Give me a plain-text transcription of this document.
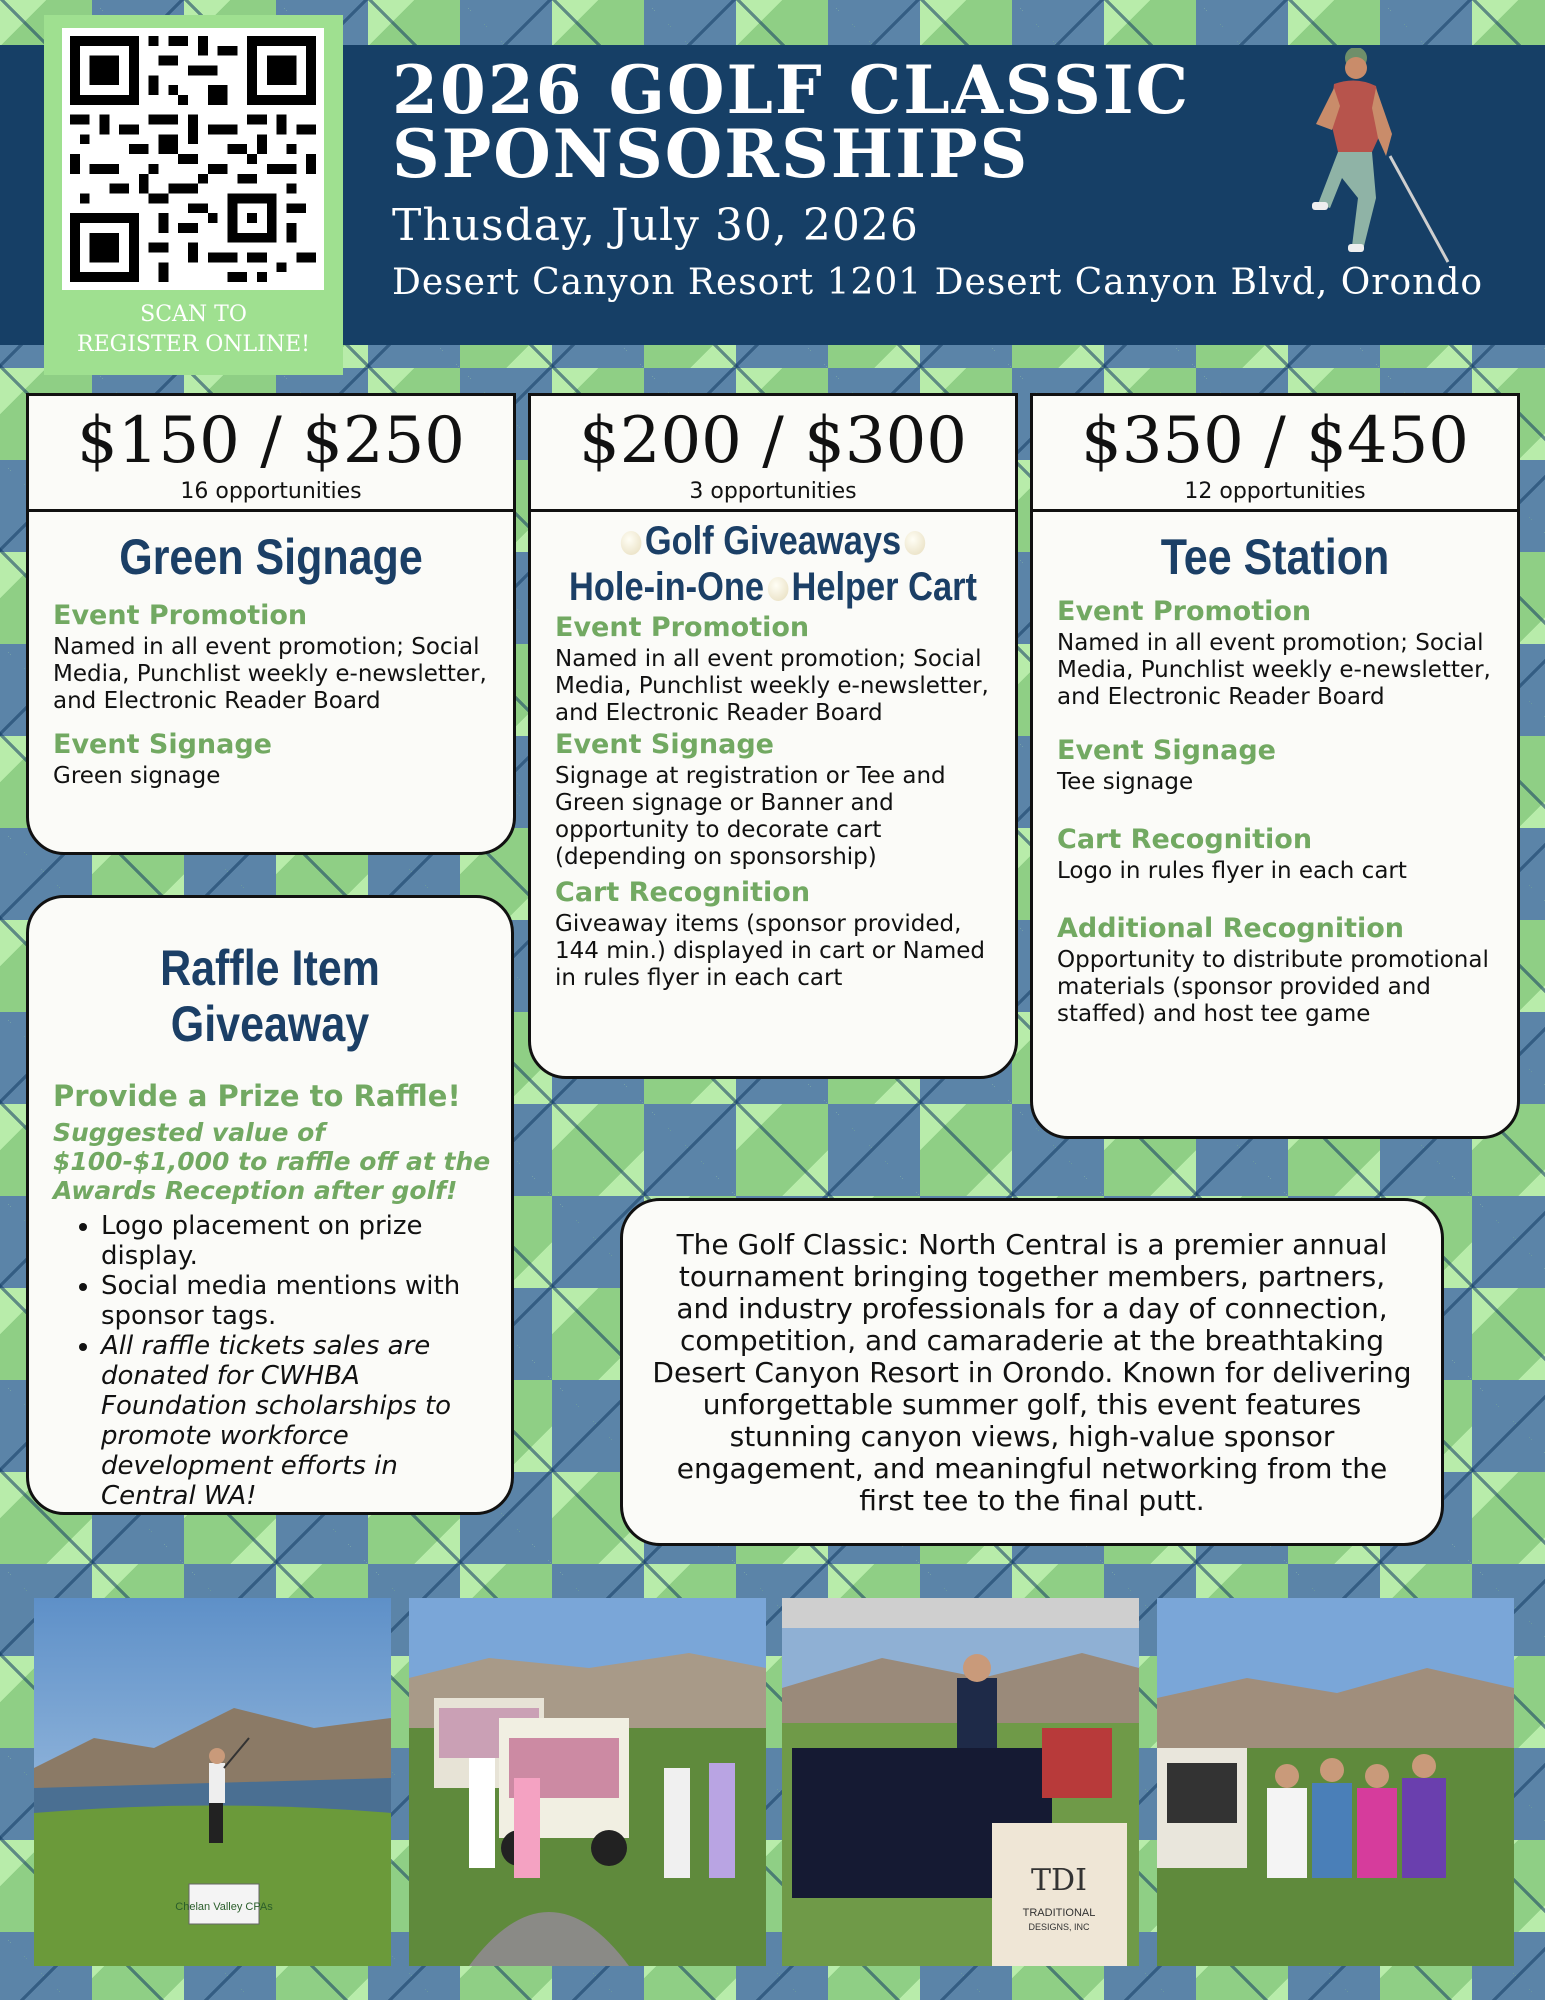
SCAN TO
REGISTER ONLINE!
2026 GOLF CLASSIC
SPONSORSHIPS
Thusday, July 30, 2026
Desert Canyon Resort 1201 Desert Canyon Blvd, Orondo
$150 / $250
16 opportunities
Green Signage
Event Promotion

Named in all event promotion; Social Media, Punchlist weekly e-newsletter, and Electronic Reader Board

Event Signage

Green signage

$200 / $300
3 opportunities
Golf Giveaways
Hole-in-One Helper Cart
Event Promotion

Named in all event promotion; Social Media, Punchlist weekly e-newsletter, and Electronic Reader Board

Event Signage

Signage at registration or Tee and Green signage or Banner and opportunity to decorate cart (depending on sponsorship)

Cart Recognition

Giveaway items (sponsor provided, 144 min.) displayed in cart or Named in rules flyer in each cart

$350 / $450
12 opportunities
Tee Station
Event Promotion

Named in all event promotion; Social Media, Punchlist weekly e-newsletter, and Electronic Reader Board

Event Signage

Tee signage

Cart Recognition

Logo in rules flyer in each cart

Additional Recognition

Opportunity to distribute promotional materials (sponsor provided and staffed) and host tee game

Raffle Item
Giveaway
Provide a Prize to Raffle!
Suggested value of $100-$1,000 to raffle off at the Awards Reception after golf!
• Logo placement on prize display.
• Social media mentions with sponsor tags.
• All raffle tickets sales are donated for CWHBA Foundation scholarships to promote workforce development efforts in Central WA!
The Golf Classic: North Central is a premier annual tournament bringing together members, partners, and industry professionals for a day of connection, competition, and camaraderie at the breathtaking Desert Canyon Resort in Orondo. Known for delivering unforgettable summer golf, this event features stunning canyon views, high-value sponsor engagement, and meaningful networking from the first tee to the final putt.
Chelan Valley CPAs
TDI
TRADITIONAL
DESIGNS, INC
